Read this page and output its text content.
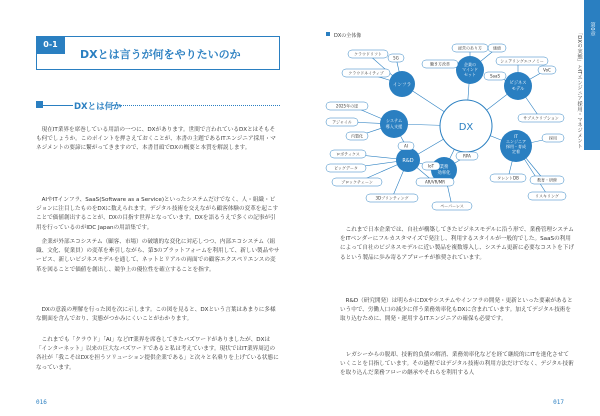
0-1
DXとは言うが何をやりたいのか
DXとは何か

　現在IT業界を席巻している用語の一つに、DXがあります。世間で言われているDXとはそもそも何でしょうか。このポイントを押さえておくことが、本書の主題であるITエンジニア採用・マネジメントの要諦に繋がってきますので、本書冒頭でDXの概要と本質を解説します。

　AIやITインフラ、SaaS(Software as a Service)といったシステムだけでなく、人・組織・ビジョンに注目したものをDXに数えられます。デジタル技術を交えながら顧客体験の変革を起こすことで価値創出することが、DXの目指す世界となっています。DXを語るうえで多くの記事が引用を行っているのがIDC Japanの用語集です。

　企業が外部エコシステム（顧客、市場）の破壊的な変化に対応しつつ、内部エコシステム（組織、文化、従業員）の変革を牽引しながら、第3のプラットフォームを利用して、新しい製品やサービス、新しいビジネスモデルを通して、ネットとリアルの両面での顧客エクスペリエンスの変革を図ることで価値を創出し、競争上の優位性を確立することを指す。

　DXの意義の理解を行った図を次に示します。この図を見ると、DXという言葉はあまりに多様な側面を含んでおり、実態がつかみにくいことがわかります。

　これまでも「クラウド」「AI」などIT業界を席巻してきたバズワードがありましたが、DXは「インターネット」以来の巨大なバズワードであると私は考えています。現状ではIT業界周辺の各社が「我こそはDXを担うソリューション提供企業である」と次々と名乗りを上げている状態になっています。

016
DXの全体像
DX
インフラ
システム
導入支援
R&D
業務
効率化
IT
エンジニア
採用・育成
定着
ビジネス
モデル
企業の
マインド
セット
クラウドリフト
クラウドネイティブ
5G
働き方改革
経営のあり方	価値
シェアリングエコノミー
SaaS
VoC
サブスクリプション
2025年の崖
アジャイル
内製化
AI
ロボティクス
ビッグデータ
ブロックチェーン
IoT
AR/VR/MR
3Dプリンティング
RPA
ペーパーレス
採用
タレントDB	教育・研修
リスキリング

　これまで日本企業では、自社が構築してきたビジネスモデルに沿う形で、業務管理システムをITベンダーにフルカスタマイズで発注し、利用するスタイルが一般的でした。SaaSの利用によって自社のビジネスモデルに近い製品を複数導入し、システム更新に必要なコストを下げるという製品に歩み寄るアプローチが推奨されています。

　R&D（研究開発）は明らかにDXやシステムやインフラの開発・更新といった要素があるという中で、労働人口の減少に伴う業務効率化もDXに含まれています。加えてデジタル技術を取り込むために、開発・運用するITエンジニアの確保も必要です。

　レガシーからの脱却、技術的負債の解消、業務効率化などを経て継続的にITを進化させていくことを目指しています。その過程ではデジタル技術の利用方法だけでなく、デジタル技術を取り込んだ業務フローの継承やそれらを利用する人

第0章
「DXの実態」とITエンジニア採用・マネジメント
017
